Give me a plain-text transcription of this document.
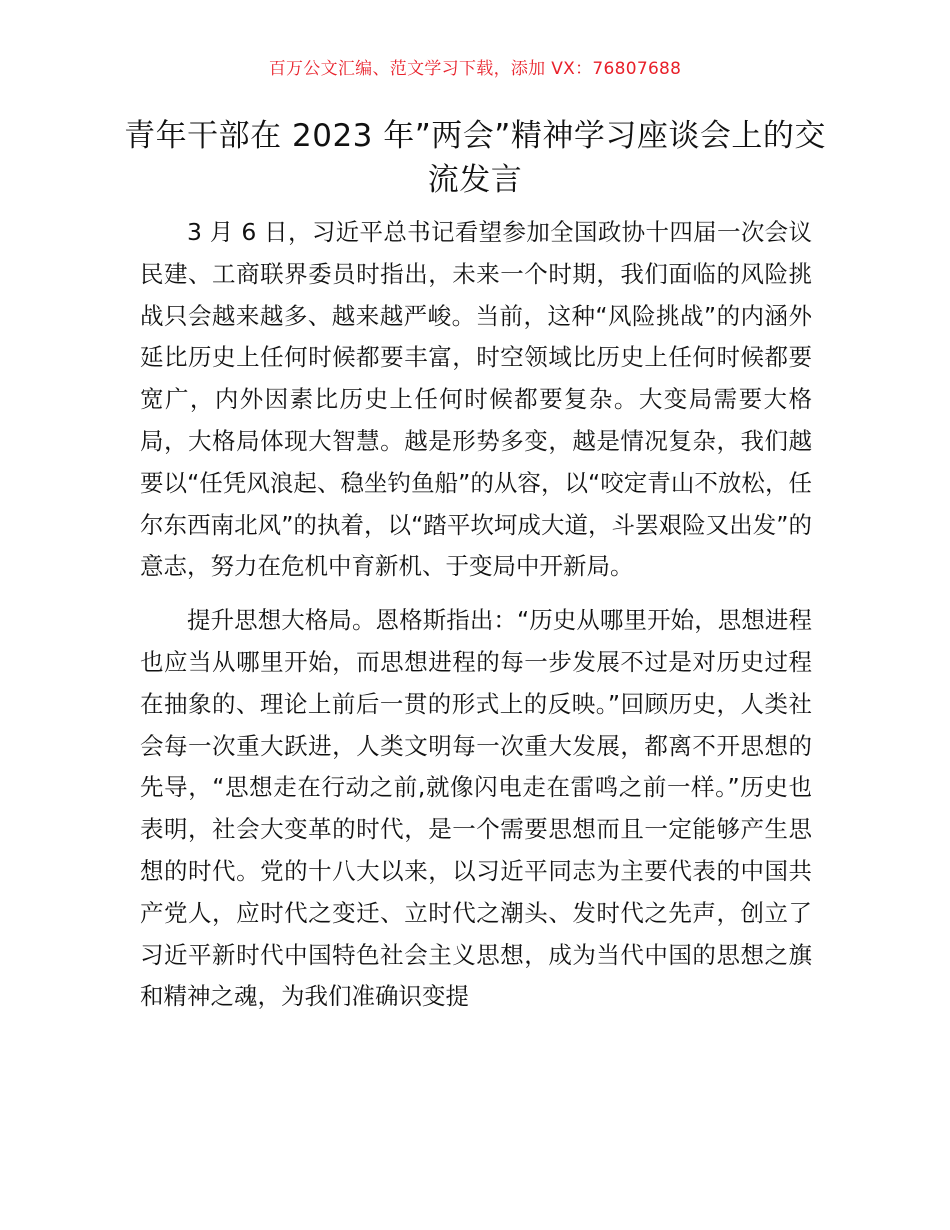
百万公文汇编、范文学习下载，添加 VX：76807688
青年干部在 2023 年”两会”精神学习座谈会上的交流发言

3 月 6 日，习近平总书记看望参加全国政协十四届一次会议民建、工商联界委员时指出，未来一个时期，我们面临的风险挑战只会越来越多、越来越严峻。当前，这种“风险挑战”的内涵外延比历史上任何时候都要丰富，时空领域比历史上任何时候都要宽广，内外因素比历史上任何时候都要复杂。大变局需要大格局，大格局体现大智慧。越是形势多变，越是情况复杂，我们越要以“任凭风浪起、稳坐钓鱼船”的从容，以“咬定青山不放松，任尔东西南北风”的执着，以“踏平坎坷成大道，斗罢艰险又出发”的意志，努力在危机中育新机、于变局中开新局。

提升思想大格局。恩格斯指出：“历史从哪里开始，思想进程也应当从哪里开始，而思想进程的每一步发展不过是对历史过程在抽象的、理论上前后一贯的形式上的反映。”回顾历史，人类社会每一次重大跃进，人类文明每一次重大发展，都离不开思想的先导，“思想走在行动之前,就像闪电走在雷鸣之前一样。”历史也表明，社会大变革的时代，是一个需要思想而且一定能够产生思想的时代。党的十八大以来，以习近平同志为主要代表的中国共产党人，应时代之变迁、立时代之潮头、发时代之先声，创立了习近平新时代中国特色社会主义思想，成为当代中国的思想之旗和精神之魂，为我们准确识变提
